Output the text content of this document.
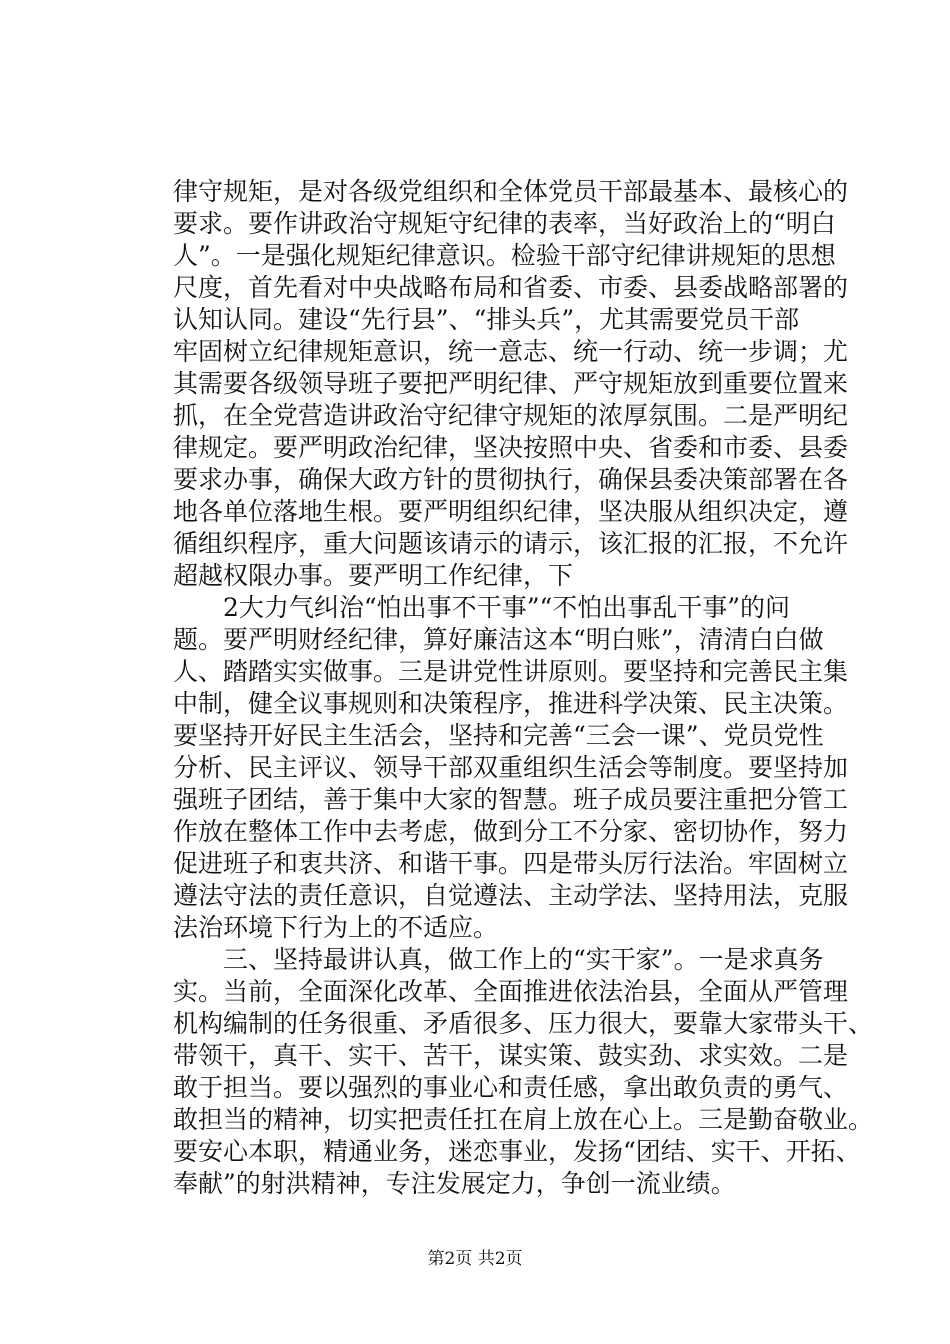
律守规矩，是对各级党组织和全体党员干部最基本、最核心的
要求。要作讲政治守规矩守纪律的表率，当好政治上的“明白
人”。一是强化规矩纪律意识。检验干部守纪律讲规矩的思想
尺度，首先看对中央战略布局和省委、市委、县委战略部署的
认知认同。建设“先行县”、“排头兵”，尤其需要党员干部
牢固树立纪律规矩意识，统一意志、统一行动、统一步调；尤
其需要各级领导班子要把严明纪律、严守规矩放到重要位置来
抓，在全党营造讲政治守纪律守规矩的浓厚氛围。二是严明纪
律规定。要严明政治纪律，坚决按照中央、省委和市委、县委
要求办事，确保大政方针的贯彻执行，确保县委决策部署在各
地各单位落地生根。要严明组织纪律，坚决服从组织决定，遵
循组织程序，重大问题该请示的请示，该汇报的汇报，不允许
超越权限办事。要严明工作纪律，下
　　2大力气纠治“怕出事不干事”“不怕出事乱干事”的问
题。要严明财经纪律，算好廉洁这本“明白账”，清清白白做
人、踏踏实实做事。三是讲党性讲原则。要坚持和完善民主集
中制，健全议事规则和决策程序，推进科学决策、民主决策。
要坚持开好民主生活会，坚持和完善“三会一课”、党员党性
分析、民主评议、领导干部双重组织生活会等制度。要坚持加
强班子团结，善于集中大家的智慧。班子成员要注重把分管工
作放在整体工作中去考虑，做到分工不分家、密切协作，努力
促进班子和衷共济、和谐干事。四是带头厉行法治。牢固树立
遵法守法的责任意识，自觉遵法、主动学法、坚持用法，克服
法治环境下行为上的不适应。
　　三、坚持最讲认真，做工作上的“实干家”。一是求真务
实。当前，全面深化改革、全面推进依法治县，全面从严管理
机构编制的任务很重、矛盾很多、压力很大，要靠大家带头干、
带领干，真干、实干、苦干，谋实策、鼓实劲、求实效。二是
敢于担当。要以强烈的事业心和责任感，拿出敢负责的勇气、
敢担当的精神，切实把责任扛在肩上放在心上。三是勤奋敬业。
要安心本职，精通业务，迷恋事业，发扬“团结、实干、开拓、
奉献”的射洪精神，专注发展定力，争创一流业绩。
第2页 共2页
